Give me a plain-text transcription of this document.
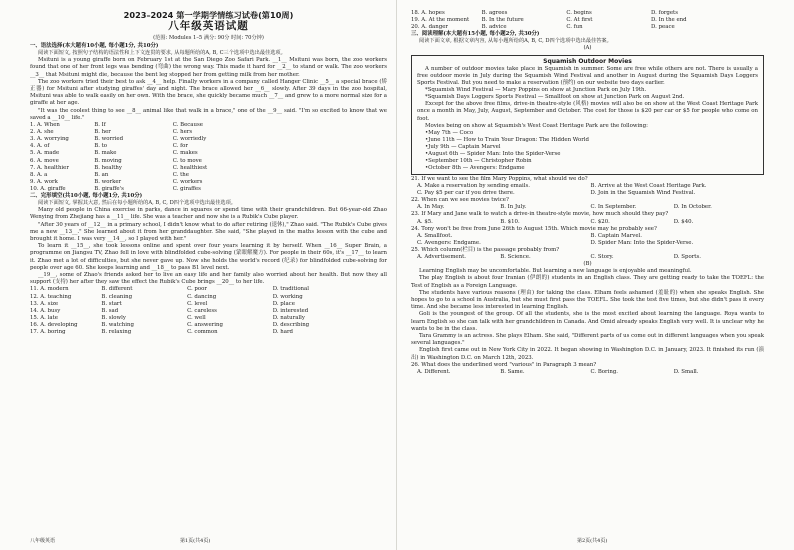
2023–2024 第一学期学情练习试卷(第10周)

八年级英语试题

(范围: Modules 1–5 满分: 90分 时间: 70分钟)

一、语法选择(本大题有10小题, 每小题1分, 共10分)

阅读下面短文, 按照句子结构的语法性和上下文连贯的要求, 从每题所给的A, B, C三个选项中选出最佳选项。

Msituni is a young giraffe born on February 1st at the San Diego Zoo Safari Park. __1__ Msituni was born, the zoo workers found that one of her front legs was bending (弯曲) the wrong way. This made it hard for __2__ to stand or walk. The zoo workers __3__ that Msituni might die, because the bent leg stopped her from getting milk from her mother.

The zoo workers tried their best to ask __4__ help. Finally workers in a company called Hanger Clinic __5__ a special brace (矫正器) for Msituni after studying giraffes' day and night. The brace allowed her __6__ slowly. After 39 days in the zoo hospital, Msituni was able to walk easily on her own. With the brace, she quickly became much __7__ and grew to a more normal size for a giraffe at her age.

"It was the coolest thing to see __8__ animal like that walk in a brace," one of the __9__ said. "I'm so excited to know that we saved a __10__ life."

1. A. When	B. If	C. Because
2. A. she	B. her	C. hers
3. A. worrying	B. worried	C. worriedly
4. A. of	B. to	C. for
5. A. made	B. make	C. makes
6. A. move	B. moving	C. to move
7. A. healthier	B. healthy	C. healthiest
8. A. a	B. an	C. the
9. A. work	B. worker	C. workers
10. A. giraffe	B. giraffe's	C. giraffes

二、完形填空(共10小题, 每小题1分, 共10分)

阅读下面短文, 掌握其大意, 然后在每小题所给的A, B, C, D四个选项中选出最佳选项。

Many old people in China exercise in parks, dance in squares or spend time with their grandchildren. But 66-year-old Zhao Wenying from Zhejiang has a __11__ life. She was a teacher and now she is a Rubik's Cube player.

"After 30 years of __12__ in a primary school, I didn't know what to do after retiring (退休)," Zhao said. "The Rubik's Cube gives me a new __13__." She learned about it from her granddaughter. She said, "She played in the maths lesson with the cube and brought it home. I was very __14__, so I played with her."

To learn it __15__, she took lessons online and spent over four years learning it by herself. When __16__ Super Brain, a programme on Jiangsu TV, Zhao fell in love with blindfolded cube-solving (蒙眼解魔方). For people in their 60s, it's __17__ to learn it. Zhao met a lot of difficulties, but she never gave up. Now she holds the world's record (纪录) for blindfolded cube-solving for people over age 60. She keeps learning and __18__ to pass B1 level next.

__19__, some of Zhao's friends asked her to live an easy life and her family also worried about her health. But now they all support (支持) her after they saw the effect the Rubik's Cube brings __20__ to her life.

11. A. modern	B. different	C. poor	D. traditional
12. A. teaching	B. cleaning	C. dancing	D. working
13. A. size	B. start	C. level	D. place
14. A. busy	B. sad	C. careless	D. interested
15. A. late	B. slowly	C. well	D. naturally
16. A. developing	B. watching	C. answering	D. describing
17. A. boring	B. relaxing	C. common	D. hard
八年级英语	第1页(共4页)
18. A. hopes	B. agrees	C. begins	D. forgets
19. A. At the moment	B. In the future	C. At first	D. In the end
20. A. danger	B. advice	C. fun	D. peace

三、阅读理解(本大题有15小题, 每小题2分, 共30分)

阅读下面文章, 根据文章内容, 从每小题所给的A, B, C, D四个选项中选出最佳答案。

(A)

Squamish Outdoor Movies

A number of outdoor movies take place in Squamish in summer. Some are free while others are not. There is usually a free outdoor movie in July during the Squamish Wind Festival and another in August during the Squamish Days Loggers Sports Festival. But you need to make a reservation (预约) on our website two days earlier.

*Squamish Wind Festival — Mary Poppins on show at Junction Park on July 19th.

*Squamish Days Loggers Sports Festival — Smallfoot on show at Junction Park on August 2nd.

Except for the above free films, drive-in theatre-style (风格) movies will also be on show at the West Coast Heritage Park once a month in May, July, August, September and October. The cost for those is $20 per car or $5 for people who come on foot.

Movies being on show at Squamish's West Coast Heritage Park are the following:

•May 7th — Coco

•June 11th — How to Train Your Dragon: The Hidden World

•July 9th — Captain Marvel

•August 6th — Spider Man: Into the Spider-Verse

•September 10th — Christopher Robin

•October 8th — Avengers: Endgame

21. If we want to see the film Mary Poppins, what should we do?

A. Make a reservation by sending emails.	B. Arrive at the West Coast Heritage Park.
C. Pay $5 per car if you drive there.	D. Join in the Squamish Wind Festival.

22. When can we see movies twice?

A. In May.	B. In July.	C. In September.	D. In October.

23. If Mary and Jane walk to watch a drive-in theatre-style movie, how much should they pay?

A. $5.	B. $10.	C. $20.	D. $40.

24. Tony won't be free from June 26th to August 15th. Which movie may he probably see?

A. Smallfoot.	B. Captain Marvel.
C. Avengers: Endgame.	D. Spider Man: Into the Spider-Verse.

25. Which column(栏目) is the passage probably from?

A. Advertisement.	B. Science.	C. Story.	D. Sports.
(B)

Learning English may be uncomfortable. But learning a new language is enjoyable and meaningful.

The play English is about four Iranian (伊朗的) students in an English class. They are getting ready to take the TOEFL: the Test of English as a Foreign Language.

The students have various reasons (理由) for taking the class. Elham feels ashamed (羞耻的) when she speaks English. She hopes to go to a school in Australia, but she must first pass the TOEFL. She took the test five times, but she didn't pass it every time. And she became less interested in learning English.

Goli is the youngest of the group. Of all the students, she is the most excited about learning the language. Roya wants to learn English so she can talk with her grandchildren in Canada. And Omid already speaks English very well. It is unclear why he wants to be in the class.

Tara Grammy is an actress. She plays Elham. She said, "Different parts of us come out in different languages when you speak several languages."

English first came out in New York City in 2022. It began showing in Washington D.C. in January, 2023. It finished its run (演出) in Washington D.C. on March 12th, 2023.

26. What does the underlined word "various" in Paragraph 3 mean?

A. Different.	B. Same.	C. Boring.	D. Small.
第2页(共4页)
